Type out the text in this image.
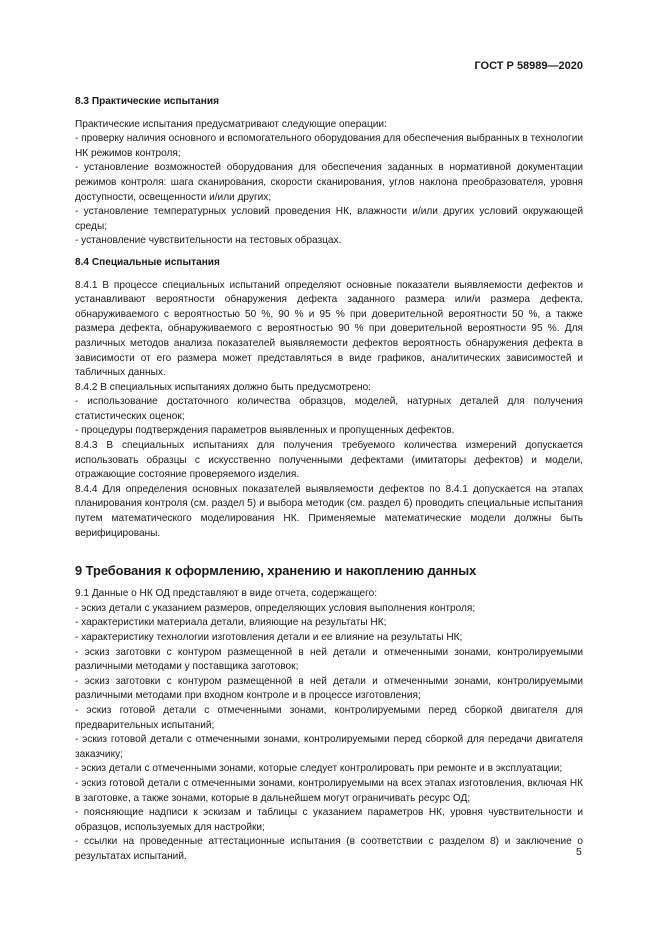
ГОСТ Р 58989—2020

8.3 Практические испытания

Практические испытания предусматривают следующие операции:

- проверку наличия основного и вспомогательного оборудования для обеспечения выбранных в технологии НК режимов контроля;

- установление возможностей оборудования для обеспечения заданных в нормативной документации режимов контроля: шага сканирования, скорости сканирования, углов наклона преобразователя, уровня доступности, освещенности и/или других;

- установление температурных условий проведения НК, влажности и/или других условий окружающей среды;

- установление чувствительности на тестовых образцах.

8.4 Специальные испытания

8.4.1 В процессе специальных испытаний определяют основные показатели выявляемости дефектов и устанавливают вероятности обнаружения дефекта заданного размера или/и размера дефекта, обнаруживаемого с вероятностью 50 %, 90 % и 95 % при доверительной вероятности 50 %, а также размера дефекта, обнаруживаемого с вероятностью 90 % при доверительной вероятности 95 %. Для различных методов анализа показателей выявляемости дефектов вероятность обнаружения дефекта в зависимости от его размера может представляться в виде графиков, аналитических зависимостей и табличных данных.

8.4.2 В специальных испытаниях должно быть предусмотрено:

- использование достаточного количества образцов, моделей, натурных деталей для получения статистических оценок;

- процедуры подтверждения параметров выявленных и пропущенных дефектов.

8.4.3 В специальных испытаниях для получения требуемого количества измерений допускается использовать образцы с искусственно полученными дефектами (имитаторы дефектов) и модели, отражающие состояние проверяемого изделия.

8.4.4 Для определения основных показателей выявляемости дефектов по 8.4.1 допускается на этапах планирования контроля (см. раздел 5) и выбора методик (см. раздел 6) проводить специальные испытания путем математического моделирования НК. Применяемые математические модели должны быть верифицированы.

9 Требования к оформлению, хранению и накоплению данных

9.1 Данные о НК ОД представляют в виде отчета, содержащего:

- эскиз детали с указанием размеров, определяющих условия выполнения контроля;

- характеристики материала детали, влияющие на результаты НК;

- характеристику технологии изготовления детали и ее влияние на результаты НК;

- эскиз заготовки с контуром размещенной в ней детали и отмеченными зонами, контролируемыми различными методами у поставщика заготовок;

- эскиз заготовки с контуром размещенной в ней детали и отмеченными зонами, контролируемыми различными методами при входном контроле и в процессе изготовления;

- эскиз готовой детали с отмеченными зонами, контролируемыми перед сборкой двигателя для предварительных испытаний;

- эскиз готовой детали с отмеченными зонами, контролируемыми перед сборкой для передачи двигателя заказчику;

- эскиз детали с отмеченными зонами, которые следует контролировать при ремонте и в эксплуатации;

- эскиз готовой детали с отмеченными зонами, контролируемыми на всех этапах изготовления, включая НК в заготовке, а также зонами, которые в дальнейшем могут ограничивать ресурс ОД;

- поясняющие надписи к эскизам и таблицы с указанием параметров НК, уровня чувствительности и образцов, используемых для настройки;

- ссылки на проведенные аттестационные испытания (в соответствии с разделом 8) и заключение о результатах испытаний.	5
